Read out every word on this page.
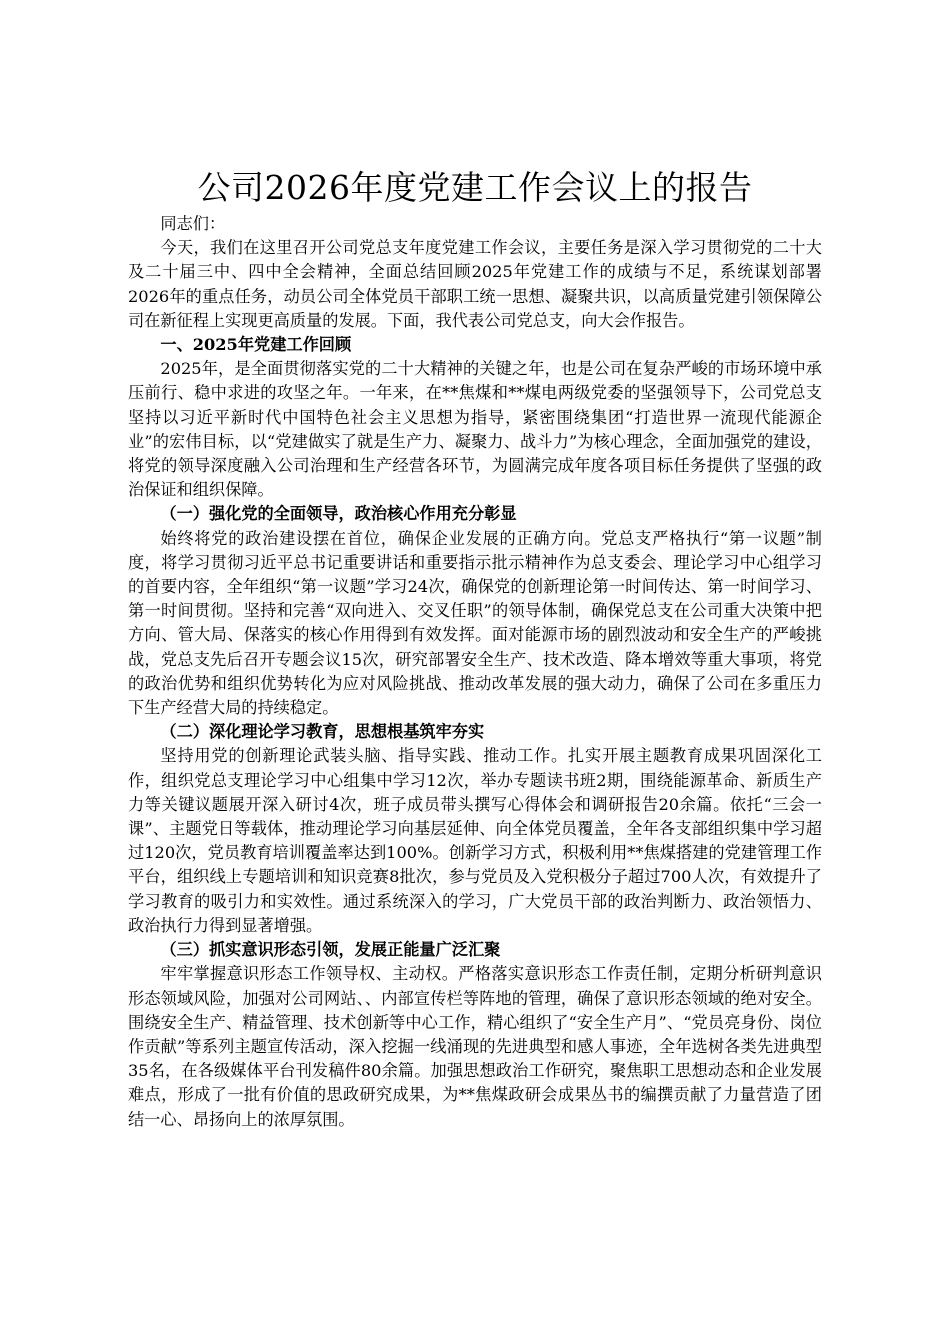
公司2026年度党建工作会议上的报告

同志们：

今天，我们在这里召开公司党总支年度党建工作会议，主要任务是深入学习贯彻党的二十大及二十届三中、四中全会精神，全面总结回顾2025年党建工作的成绩与不足，系统谋划部署2026年的重点任务，动员公司全体党员干部职工统一思想、凝聚共识，以高质量党建引领保障公司在新征程上实现更高质量的发展。下面，我代表公司党总支，向大会作报告。

一、2025年党建工作回顾

2025年，是全面贯彻落实党的二十大精神的关键之年，也是公司在复杂严峻的市场环境中承压前行、稳中求进的攻坚之年。一年来，在**焦煤和**煤电两级党委的坚强领导下，公司党总支坚持以习近平新时代中国特色社会主义思想为指导，紧密围绕集团“打造世界一流现代能源企业”的宏伟目标，以“党建做实了就是生产力、凝聚力、战斗力”为核心理念，全面加强党的建设，将党的领导深度融入公司治理和生产经营各环节，为圆满完成年度各项目标任务提供了坚强的政治保证和组织保障。

（一）强化党的全面领导，政治核心作用充分彰显

始终将党的政治建设摆在首位，确保企业发展的正确方向。党总支严格执行“第一议题”制度，将学习贯彻习近平总书记重要讲话和重要指示批示精神作为总支委会、理论学习中心组学习的首要内容，全年组织“第一议题”学习24次，确保党的创新理论第一时间传达、第一时间学习、第一时间贯彻。坚持和完善“双向进入、交叉任职”的领导体制，确保党总支在公司重大决策中把方向、管大局、保落实的核心作用得到有效发挥。面对能源市场的剧烈波动和安全生产的严峻挑战，党总支先后召开专题会议15次，研究部署安全生产、技术改造、降本增效等重大事项，将党的政治优势和组织优势转化为应对风险挑战、推动改革发展的强大动力，确保了公司在多重压力下生产经营大局的持续稳定。

（二）深化理论学习教育，思想根基筑牢夯实

坚持用党的创新理论武装头脑、指导实践、推动工作。扎实开展主题教育成果巩固深化工作，组织党总支理论学习中心组集中学习12次，举办专题读书班2期，围绕能源革命、新质生产力等关键议题展开深入研讨4次，班子成员带头撰写心得体会和调研报告20余篇。依托“三会一课”、主题党日等载体，推动理论学习向基层延伸、向全体党员覆盖，全年各支部组织集中学习超过120次，党员教育培训覆盖率达到100%。创新学习方式，积极利用**焦煤搭建的党建管理工作平台，组织线上专题培训和知识竞赛8批次，参与党员及入党积极分子超过700人次，有效提升了学习教育的吸引力和实效性。通过系统深入的学习，广大党员干部的政治判断力、政治领悟力、政治执行力得到显著增强。

（三）抓实意识形态引领，发展正能量广泛汇聚

牢牢掌握意识形态工作领导权、主动权。严格落实意识形态工作责任制，定期分析研判意识形态领域风险，加强对公司网站、、内部宣传栏等阵地的管理，确保了意识形态领域的绝对安全。围绕安全生产、精益管理、技术创新等中心工作，精心组织了“安全生产月”、“党员亮身份、岗位作贡献”等系列主题宣传活动，深入挖掘一线涌现的先进典型和感人事迹，全年选树各类先进典型35名，在各级媒体平台刊发稿件80余篇。加强思想政治工作研究，聚焦职工思想动态和企业发展难点，形成了一批有价值的思政研究成果，为**焦煤政研会成果丛书的编撰贡献了力量营造了团结一心、昂扬向上的浓厚氛围。
